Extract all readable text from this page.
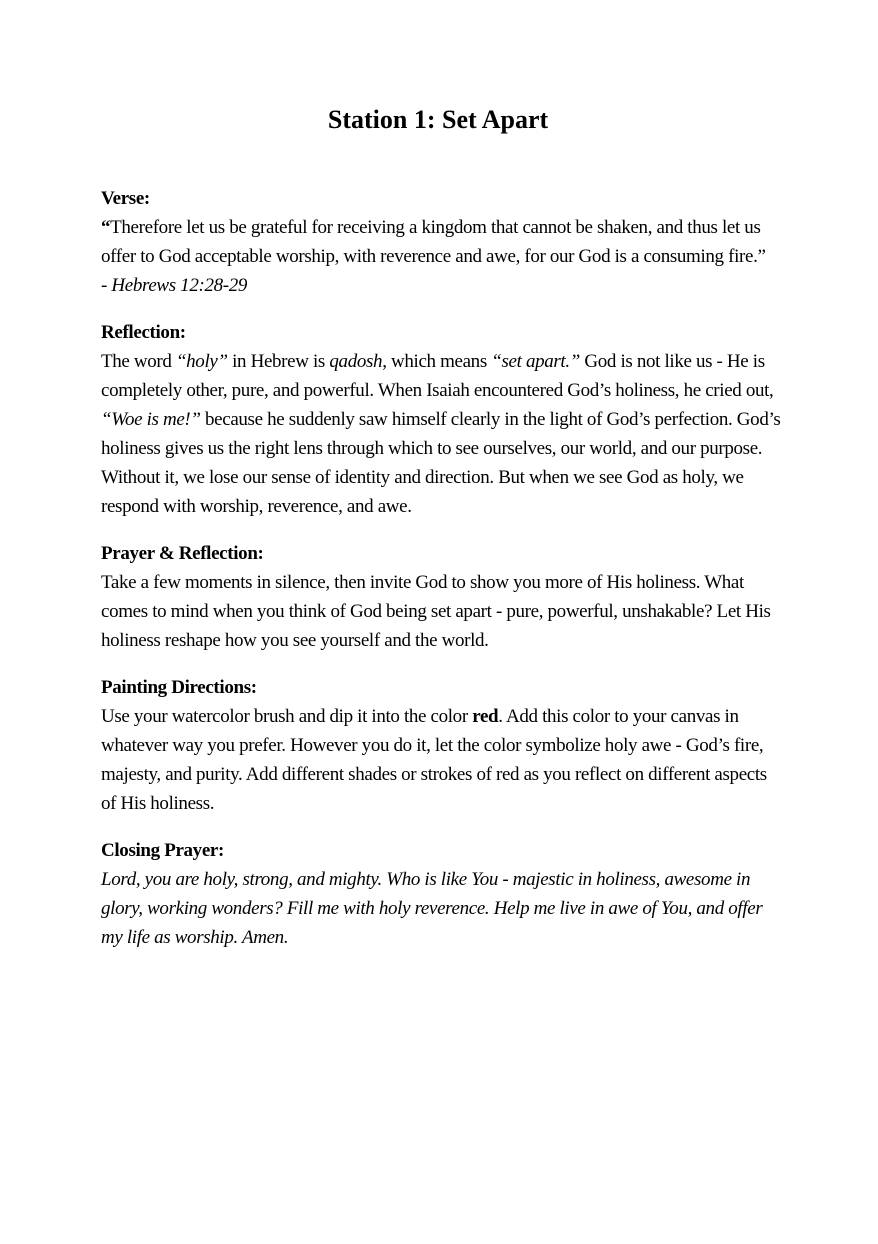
Station 1: Set Apart

Verse:

“Therefore let us be grateful for receiving a kingdom that cannot be shaken, and thus let us offer to God acceptable worship, with reverence and awe, for our God is a consuming fire.”
- Hebrews 12:28-29

Reflection:

The word “holy” in Hebrew is qadosh, which means “set apart.” God is not like us - He is completely other, pure, and powerful. When Isaiah encountered God’s holiness, he cried out, “Woe is me!” because he suddenly saw himself clearly in the light of God’s perfection. God’s holiness gives us the right lens through which to see ourselves, our world, and our purpose. Without it, we lose our sense of identity and direction. But when we see God as holy, we respond with worship, reverence, and awe.

Prayer & Reflection:

Take a few moments in silence, then invite God to show you more of His holiness. What comes to mind when you think of God being set apart - pure, powerful, unshakable? Let His holiness reshape how you see yourself and the world.

Painting Directions:

Use your watercolor brush and dip it into the color red. Add this color to your canvas in whatever way you prefer. However you do it, let the color symbolize holy awe - God’s fire, majesty, and purity. Add different shades or strokes of red as you reflect on different aspects of His holiness.

Closing Prayer:

Lord, you are holy, strong, and mighty. Who is like You - majestic in holiness, awesome in glory, working wonders? Fill me with holy reverence. Help me live in awe of You, and offer my life as worship. Amen.
